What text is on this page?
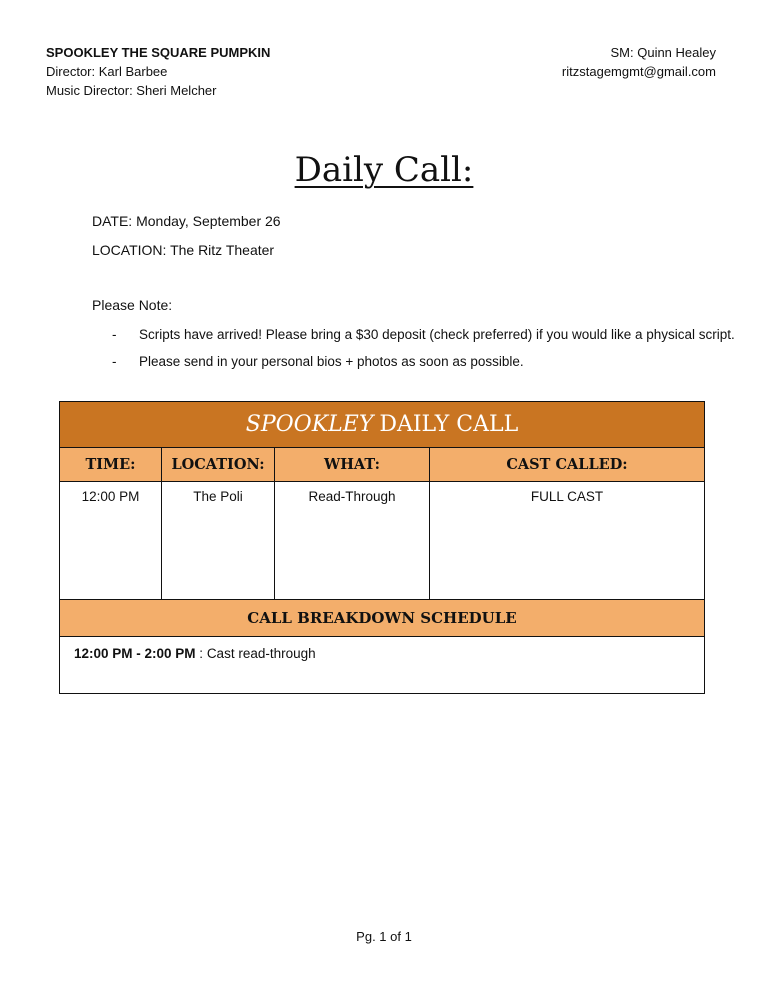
SPOOKLEY THE SQUARE PUMPKIN
Director: Karl Barbee
Music Director: Sheri Melcher
SM: Quinn Healey
ritzstagemgmt@gmail.com
Daily Call:
DATE: Monday, September 26
LOCATION: The Ritz Theater
Please Note:
- Scripts have arrived! Please bring a $30 deposit (check preferred) if you would like a physical script.
- Please send in your personal bios + photos as soon as possible.
SPOOKLEY DAILY CALL
TIME:	LOCATION:	WHAT:	CAST CALLED:
12:00 PM	The Poli	Read-Through	FULL CAST
CALL BREAKDOWN SCHEDULE
12:00 PM - 2:00 PM : Cast read-through
Pg. 1 of 1
